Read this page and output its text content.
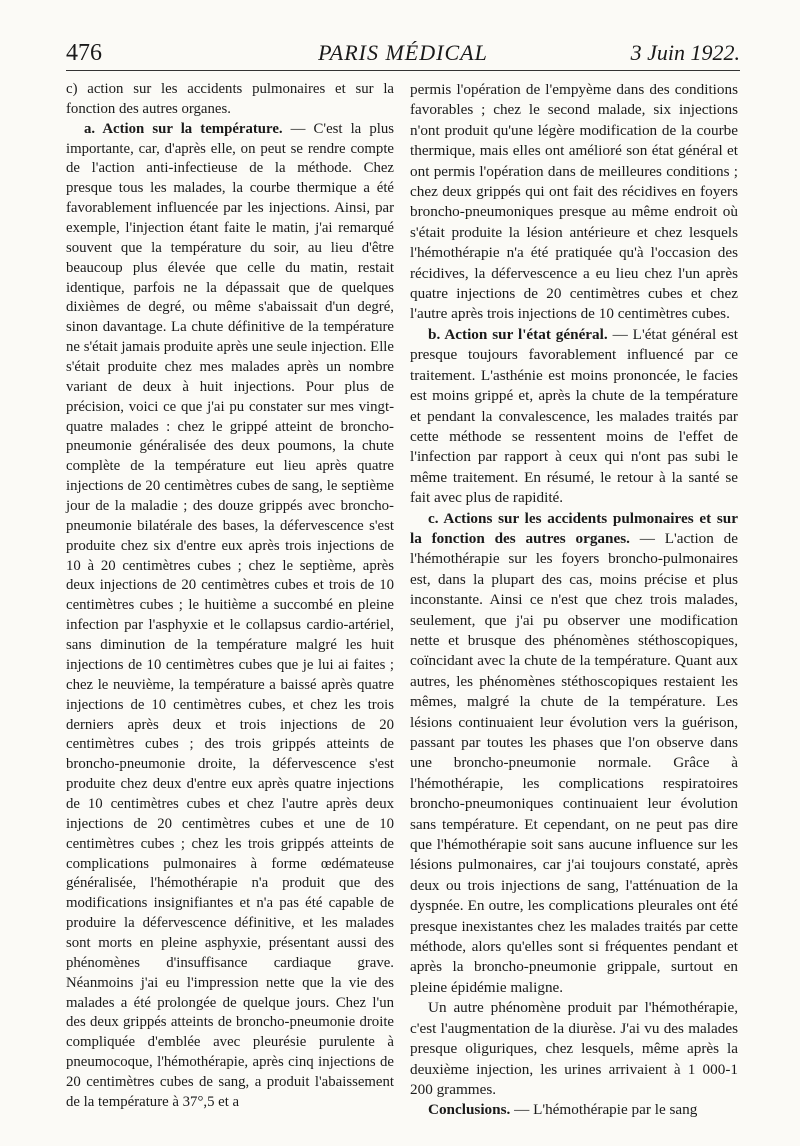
476	PARIS MÉDICAL	3 Juin 1922.

c) action sur les accidents pulmonaires et sur la fonction des autres organes.

a. Action sur la température. — C'est la plus importante, car, d'après elle, on peut se rendre compte de l'action anti-infectieuse de la méthode. Chez presque tous les malades, la courbe thermique a été favorablement influencée par les injections. Ainsi, par exemple, l'injection étant faite le matin, j'ai remarqué souvent que la température du soir, au lieu d'être beaucoup plus élevée que celle du matin, restait identique, parfois ne la dépassait que de quelques dixièmes de degré, ou même s'abaissait d'un degré, sinon davantage. La chute définitive de la température ne s'était jamais produite après une seule injection. Elle s'était produite chez mes malades après un nombre variant de deux à huit injections. Pour plus de précision, voici ce que j'ai pu constater sur mes vingt-quatre malades : chez le grippé atteint de broncho-pneumonie généralisée des deux poumons, la chute complète de la température eut lieu après quatre injections de 20 centimètres cubes de sang, le septième jour de la maladie ; des douze grippés avec broncho-pneumonie bilatérale des bases, la défervescence s'est produite chez six d'entre eux après trois injections de 10 à 20 centimètres cubes ; chez le septième, après deux injections de 20 centimètres cubes et trois de 10 centimètres cubes ; le huitième a succombé en pleine infection par l'asphyxie et le collapsus cardio-artériel, sans diminution de la température malgré les huit injections de 10 centimètres cubes que je lui ai faites ; chez le neuvième, la température a baissé après quatre injections de 10 centimètres cubes, et chez les trois derniers après deux et trois injections de 20 centimètres cubes ; des trois grippés atteints de broncho-pneumonie droite, la défervescence s'est produite chez deux d'entre eux après quatre injections de 10 centimètres cubes et chez l'autre après deux injections de 20 centimètres cubes et une de 10 centimètres cubes ; chez les trois grippés atteints de complications pulmonaires à forme œdémateuse généralisée, l'hémothérapie n'a produit que des modifications insignifiantes et n'a pas été capable de produire la défervescence définitive, et les malades sont morts en pleine asphyxie, présentant aussi des phénomènes d'insuffisance cardiaque grave. Néanmoins j'ai eu l'impression nette que la vie des malades a été prolongée de quelque jours. Chez l'un des deux grippés atteints de broncho-pneumonie droite compliquée d'emblée avec pleurésie purulente à pneumocoque, l'hémothérapie, après cinq injections de 20 centimètres cubes de sang, a produit l'abaissement de la température à 37°,5 et a

permis l'opération de l'empyème dans des conditions favorables ; chez le second malade, six injections n'ont produit qu'une légère modification de la courbe thermique, mais elles ont amélioré son état général et ont permis l'opération dans de meilleures conditions ; chez deux grippés qui ont fait des récidives en foyers broncho-pneumoniques presque au même endroit où s'était produite la lésion antérieure et chez lesquels l'hémothérapie n'a été pratiquée qu'à l'occasion des récidives, la défervescence a eu lieu chez l'un après quatre injections de 20 centimètres cubes et chez l'autre après trois injections de 10 centimètres cubes.

b. Action sur l'état général. — L'état général est presque toujours favorablement influencé par ce traitement. L'asthénie est moins prononcée, le facies est moins grippé et, après la chute de la température et pendant la convalescence, les malades traités par cette méthode se ressentent moins de l'effet de l'infection par rapport à ceux qui n'ont pas subi le même traitement. En résumé, le retour à la santé se fait avec plus de rapidité.

c. Actions sur les accidents pulmonaires et sur la fonction des autres organes. — L'action de l'hémothérapie sur les foyers broncho-pulmonaires est, dans la plupart des cas, moins précise et plus inconstante. Ainsi ce n'est que chez trois malades, seulement, que j'ai pu observer une modification nette et brusque des phénomènes stéthoscopiques, coïncidant avec la chute de la température. Quant aux autres, les phénomènes stéthoscopiques restaient les mêmes, malgré la chute de la température. Les lésions continuaient leur évolution vers la guérison, passant par toutes les phases que l'on observe dans une broncho-pneumonie normale. Grâce à l'hémothérapie, les complications respiratoires broncho-pneumoniques continuaient leur évolution sans température. Et cependant, on ne peut pas dire que l'hémothérapie soit sans aucune influence sur les lésions pulmonaires, car j'ai toujours constaté, après deux ou trois injections de sang, l'atténuation de la dyspnée. En outre, les complications pleurales ont été presque inexistantes chez les malades traités par cette méthode, alors qu'elles sont si fréquentes pendant et après la broncho-pneumonie grippale, surtout en pleine épidémie maligne.

Un autre phénomène produit par l'hémothérapie, c'est l'augmentation de la diurèse. J'ai vu des malades presque oliguriques, chez lesquels, même après la deuxième injection, les urines arrivaient à 1 000-1 200 grammes.

Conclusions. — L'hémothérapie par le sang
